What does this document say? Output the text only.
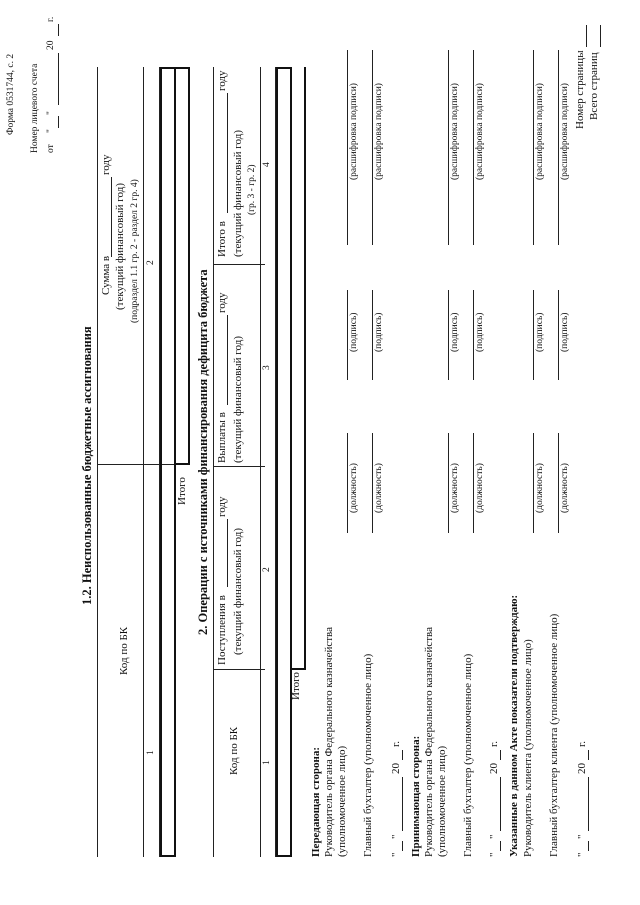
Форма 0531744, с. 2 Номер лицевого счета от
"
"
20
г.
1.2. Неиспользованные бюджетные ассигнования
Код по БК
Сумма в
году
(текущий финансовый год) (подраздел 1.1 гр. 2 - раздел 2 гр. 4)
1
2
Итого 2. Операции с источниками финансирования дефицита бюджета
Код по БК
Поступления в
году
(текущий финансовый год)
Выплаты в
году
(текущий финансовый год)
Итого в
году
(текущий финансовый год) (гр. 3 - гр. 2)
1
2
3
4
Итого
Передающая сторона: Руководитель органа Федерального казначейства (уполномоченное лицо)
(должность)
(подпись)
(расшифровка подписи)
Главный бухгалтер (уполномоченное лицо)
(должность)
(подпись)
(расшифровка подписи)
"
"
20
г. Принимающая сторона: Руководитель органа Федерального казначейства (уполномоченное лицо)
(должность)
(подпись)
(расшифровка подписи)
Главный бухгалтер (уполномоченное лицо)
(должность)
(подпись)
(расшифровка подписи)
"
"
20
г. Указанные в данном Акте показатели подтверждаю: Руководитель клиента (уполномоченное лицо)
(должность)
(подпись)
(расшифровка подписи)
Главный бухгалтер клиента (уполномоченное лицо)
(должность)
(подпись)
(расшифровка подписи)
"
"
20
г.
Номер страницы Всего страниц
